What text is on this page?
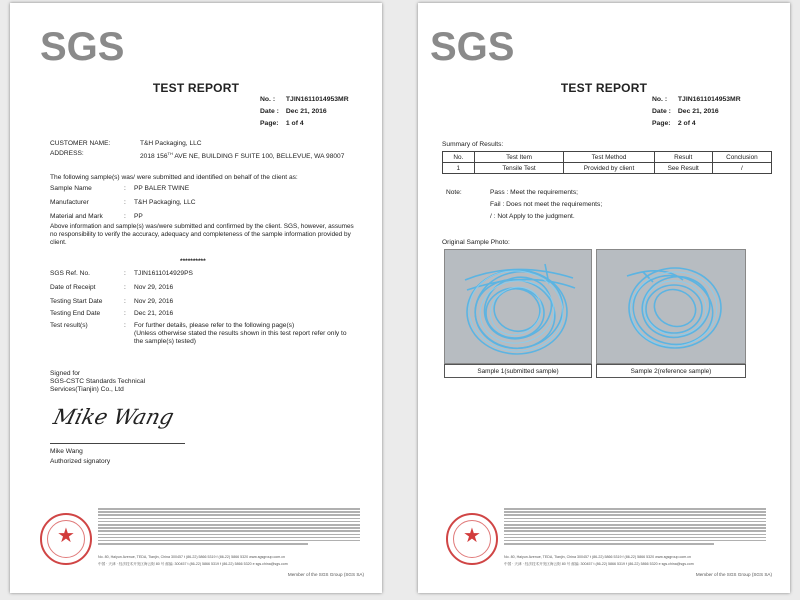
SGS
TEST REPORT
No. : TJIN1611014953MR
Date : Dec 21, 2016
Page: 1 of 4
CUSTOMER NAME:	T&H Packaging, LLC
ADDRESS:	2018 156TH AVE NE, BUILDING F SUITE 100, BELLEVUE, WA 98007
The following sample(s) was/ were submitted and identified on behalf of the client as:
Sample Name	: PP BALER TWINE
Manufacturer	: T&H Packaging, LLC
Material and Mark	: PP
Above information and sample(s) was/were submitted and confirmed by the client. SGS, however, assumes no responsibility to verify the accuracy, adequacy and completeness of the sample information provided by client.
**********
SGS Ref. No.	: TJIN1611014929PS
Date of Receipt	: Nov 29, 2016
Testing Start Date	: Nov 29, 2016
Testing End Date	: Dec 21, 2016
Test result(s)	: For further details, please refer to the following page(s)
(Unless otherwise stated the results shown in this test report refer only to
the sample(s) tested)
Signed for
SGS-CSTC Standards Technical
Services(Tianjin) Co., Ltd
Mike Wang
Mike Wang
Authorized signatory
★
No. 80, Haiyun Avenue, TEDA, Tianjin, China 300457 t (86-22) 5866 5319 f (86-22) 5866 5320 www.sgsgroup.com.cn
中国 · 天津 · 经济技术开发区海云街 80 号 邮编: 300457 t (86-22) 5866 5319 f (86-22) 5866 5320 e sgs.china@sgs.com
Member of the SGS Group (SGS SA)
SGS
TEST REPORT
No. : TJIN1611014953MR
Date : Dec 21, 2016
Page: 2 of 4
Summary of Results:
No.	Test Item	Test Method	Result	Conclusion
1	Tensile Test	Provided by client	See Result	/
Note:	Pass : Meet the requirements;
Fail : Does not meet the requirements;
/ : Not Apply to the judgment.
Original Sample Photo:
Sample 1(submitted sample)	Sample 2(reference sample)
★
No. 80, Haiyun Avenue, TEDA, Tianjin, China 300457 t (86-22) 5866 5319 f (86-22) 5866 5320 www.sgsgroup.com.cn
中国 · 天津 · 经济技术开发区海云街 80 号 邮编: 300457 t (86-22) 5866 5319 f (86-22) 5866 5320 e sgs.china@sgs.com
Member of the SGS Group (SGS SA)
